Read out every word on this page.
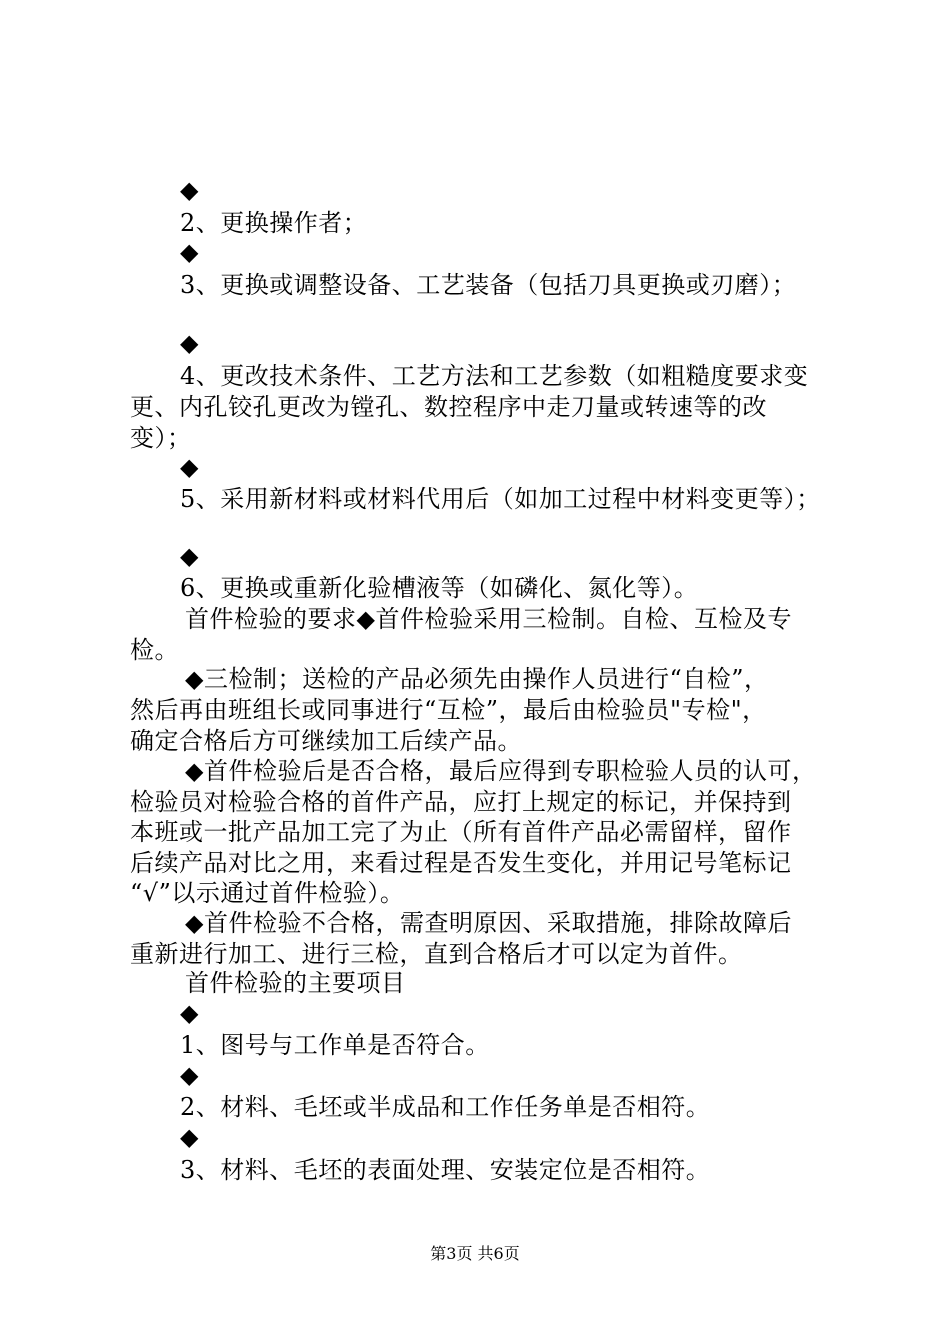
◆
2、更换操作者；
◆
3、更换或调整设备、工艺装备（包括刀具更换或刃磨）；
◆
4、更改技术条件、工艺方法和工艺参数（如粗糙度要求变
更、内孔铰孔更改为镗孔、数控程序中走刀量或转速等的改
变）；
◆
5、采用新材料或材料代用后（如加工过程中材料变更等）；
◆
6、更换或重新化验槽液等（如磷化、氮化等）。
首件检验的要求◆首件检验采用三检制。自检、互检及专
检。
◆三检制；送检的产品必须先由操作人员进行“自检”，
然后再由班组长或同事进行“互检”，最后由检验员"专检"，
确定合格后方可继续加工后续产品。
◆首件检验后是否合格，最后应得到专职检验人员的认可，
检验员对检验合格的首件产品，应打上规定的标记，并保持到
本班或一批产品加工完了为止（所有首件产品必需留样，留作
后续产品对比之用，来看过程是否发生变化，并用记号笔标记
“√”以示通过首件检验）。
◆首件检验不合格，需查明原因、采取措施，排除故障后
重新进行加工、进行三检，直到合格后才可以定为首件。
首件检验的主要项目
◆
1、图号与工作单是否符合。
◆
2、材料、毛坯或半成品和工作任务单是否相符。
◆
3、材料、毛坯的表面处理、安装定位是否相符。
第3页 共6页
